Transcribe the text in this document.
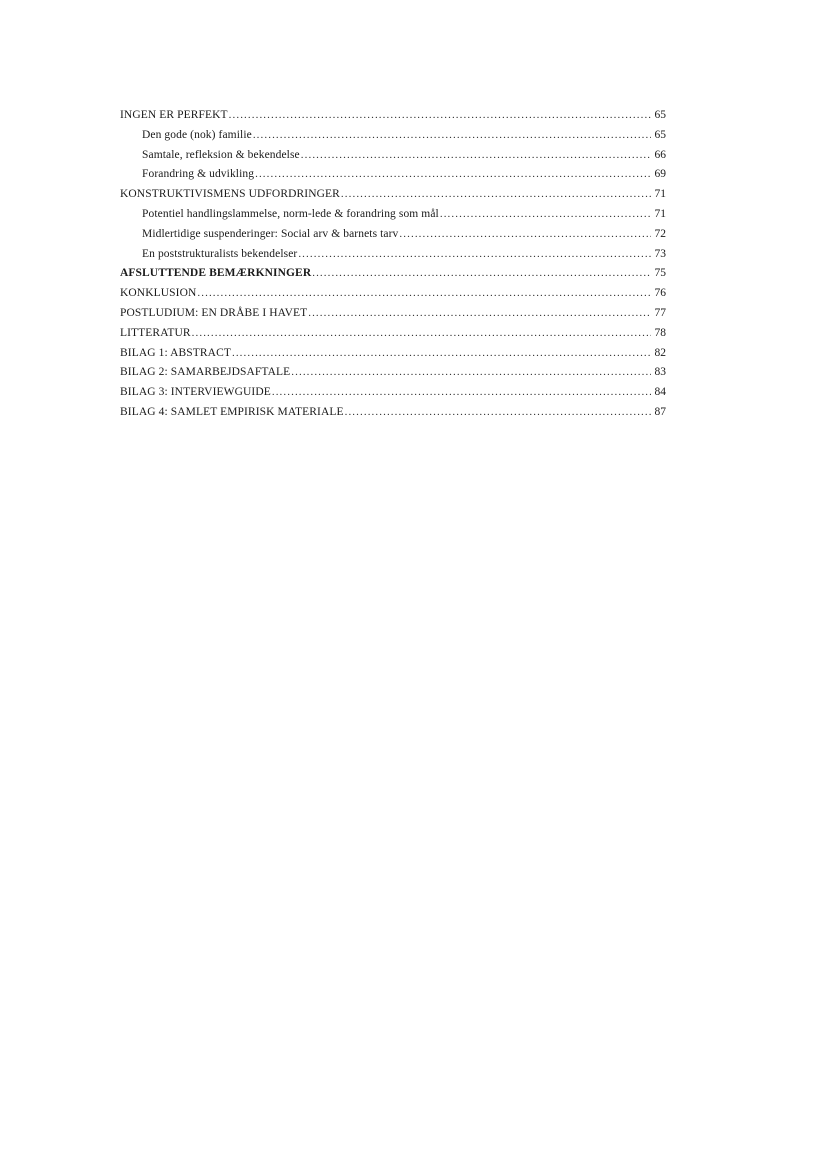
INGEN ER PERFEKT .....	65
Den gode (nok) familie .....	65
Samtale, refleksion & bekendelse .....	66
Forandring & udvikling .....	69
KONSTRUKTIVISMENS UDFORDRINGER .....	71
Potentiel handlingslammelse, norm-lede & forandring som mål .....	71
Midlertidige suspenderinger: Social arv & barnets tarv .....	72
En poststrukturalists bekendelser .....	73
AFSLUTTENDE BEMÆRKNINGER .....	75
KONKLUSION .....	76
POSTLUDIUM: EN DRÅBE I HAVET .....	77
LITTERATUR .....	78
BILAG 1: ABSTRACT .....	82
BILAG 2: SAMARBEJDSAFTALE .....	83
BILAG 3: INTERVIEWGUIDE .....	84
BILAG 4: SAMLET EMPIRISK MATERIALE .....	87
